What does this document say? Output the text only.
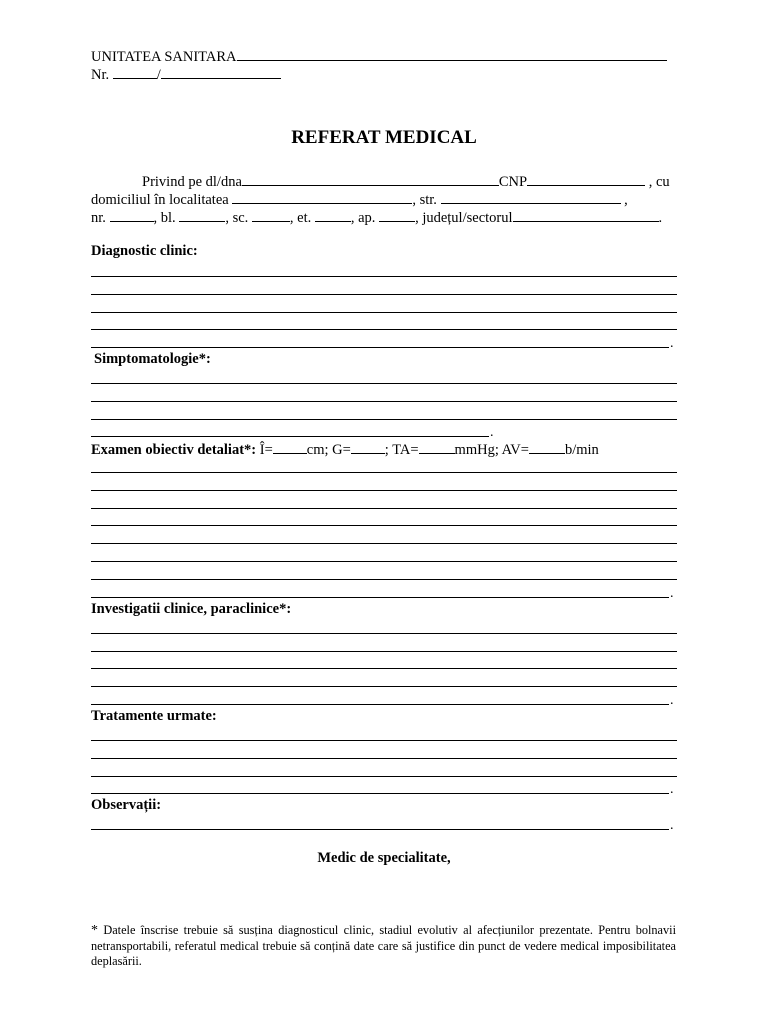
UNITATEA SANITARA
Nr.	/
REFERAT MEDICAL
Privind pe dl/dna	CNP	, cu
domiciliul în localitatea	, str.	,
nr.	, bl.	, sc.	, et.	, ap.	, județul/sectorul	.
Diagnostic clinic:
.
Simptomatologie*:
.
Examen obiectiv detaliat*: Î= cm; G= ; TA= mmHg; AV= b/min
.
Investigatii clinice, paraclinice*:
.
Tratamente urmate:
.
Observații:
.
Medic de specialitate,
* Datele înscrise trebuie să susțina diagnosticul clinic, stadiul evolutiv al afecțiunilor prezentate. Pentru bolnavii netransportabili, referatul medical trebuie să conțină date care să justifice din punct de vedere medical imposibilitatea deplasării.
